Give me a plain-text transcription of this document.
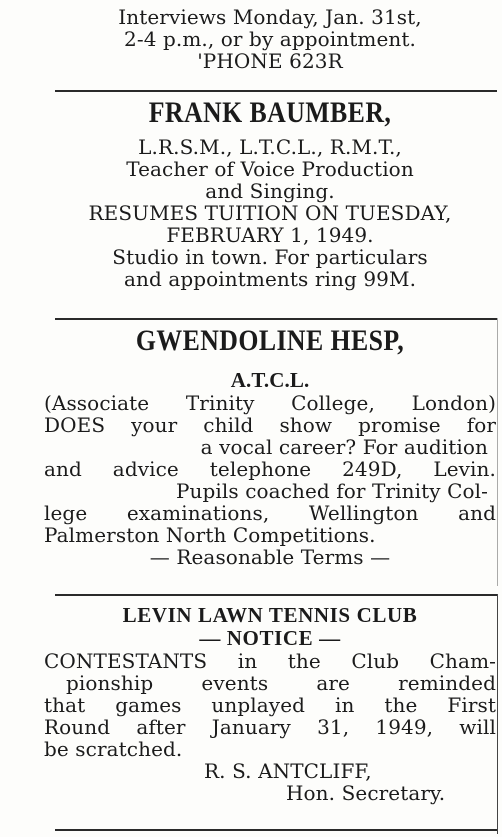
Interviews Monday, Jan. 31st,
2-4 p.m., or by appointment.
'PHONE 623R
FRANK BAUMBER,
L.R.S.M., L.T.C.L., R.M.T.,
Teacher of Voice Production
and Singing.
RESUMES TUITION ON TUESDAY,
FEBRUARY 1, 1949.
Studio in town. For particulars
and appointments ring 99M.
GWENDOLINE HESP,
A.T.C.L.
(Associate Trinity College, London)
DOES your child show promise for
a vocal career? For audition
and advice telephone 249D, Levin.
Pupils coached for Trinity Col-
lege examinations, Wellington and
Palmerston North Competitions.
— Reasonable Terms —
LEVIN LAWN TENNIS CLUB
— NOTICE —
CONTESTANTS in the Club Cham-
pionship events are reminded
that games unplayed in the First
Round after January 31, 1949, will
be scratched.
R. S. ANTCLIFF,
Hon. Secretary.
